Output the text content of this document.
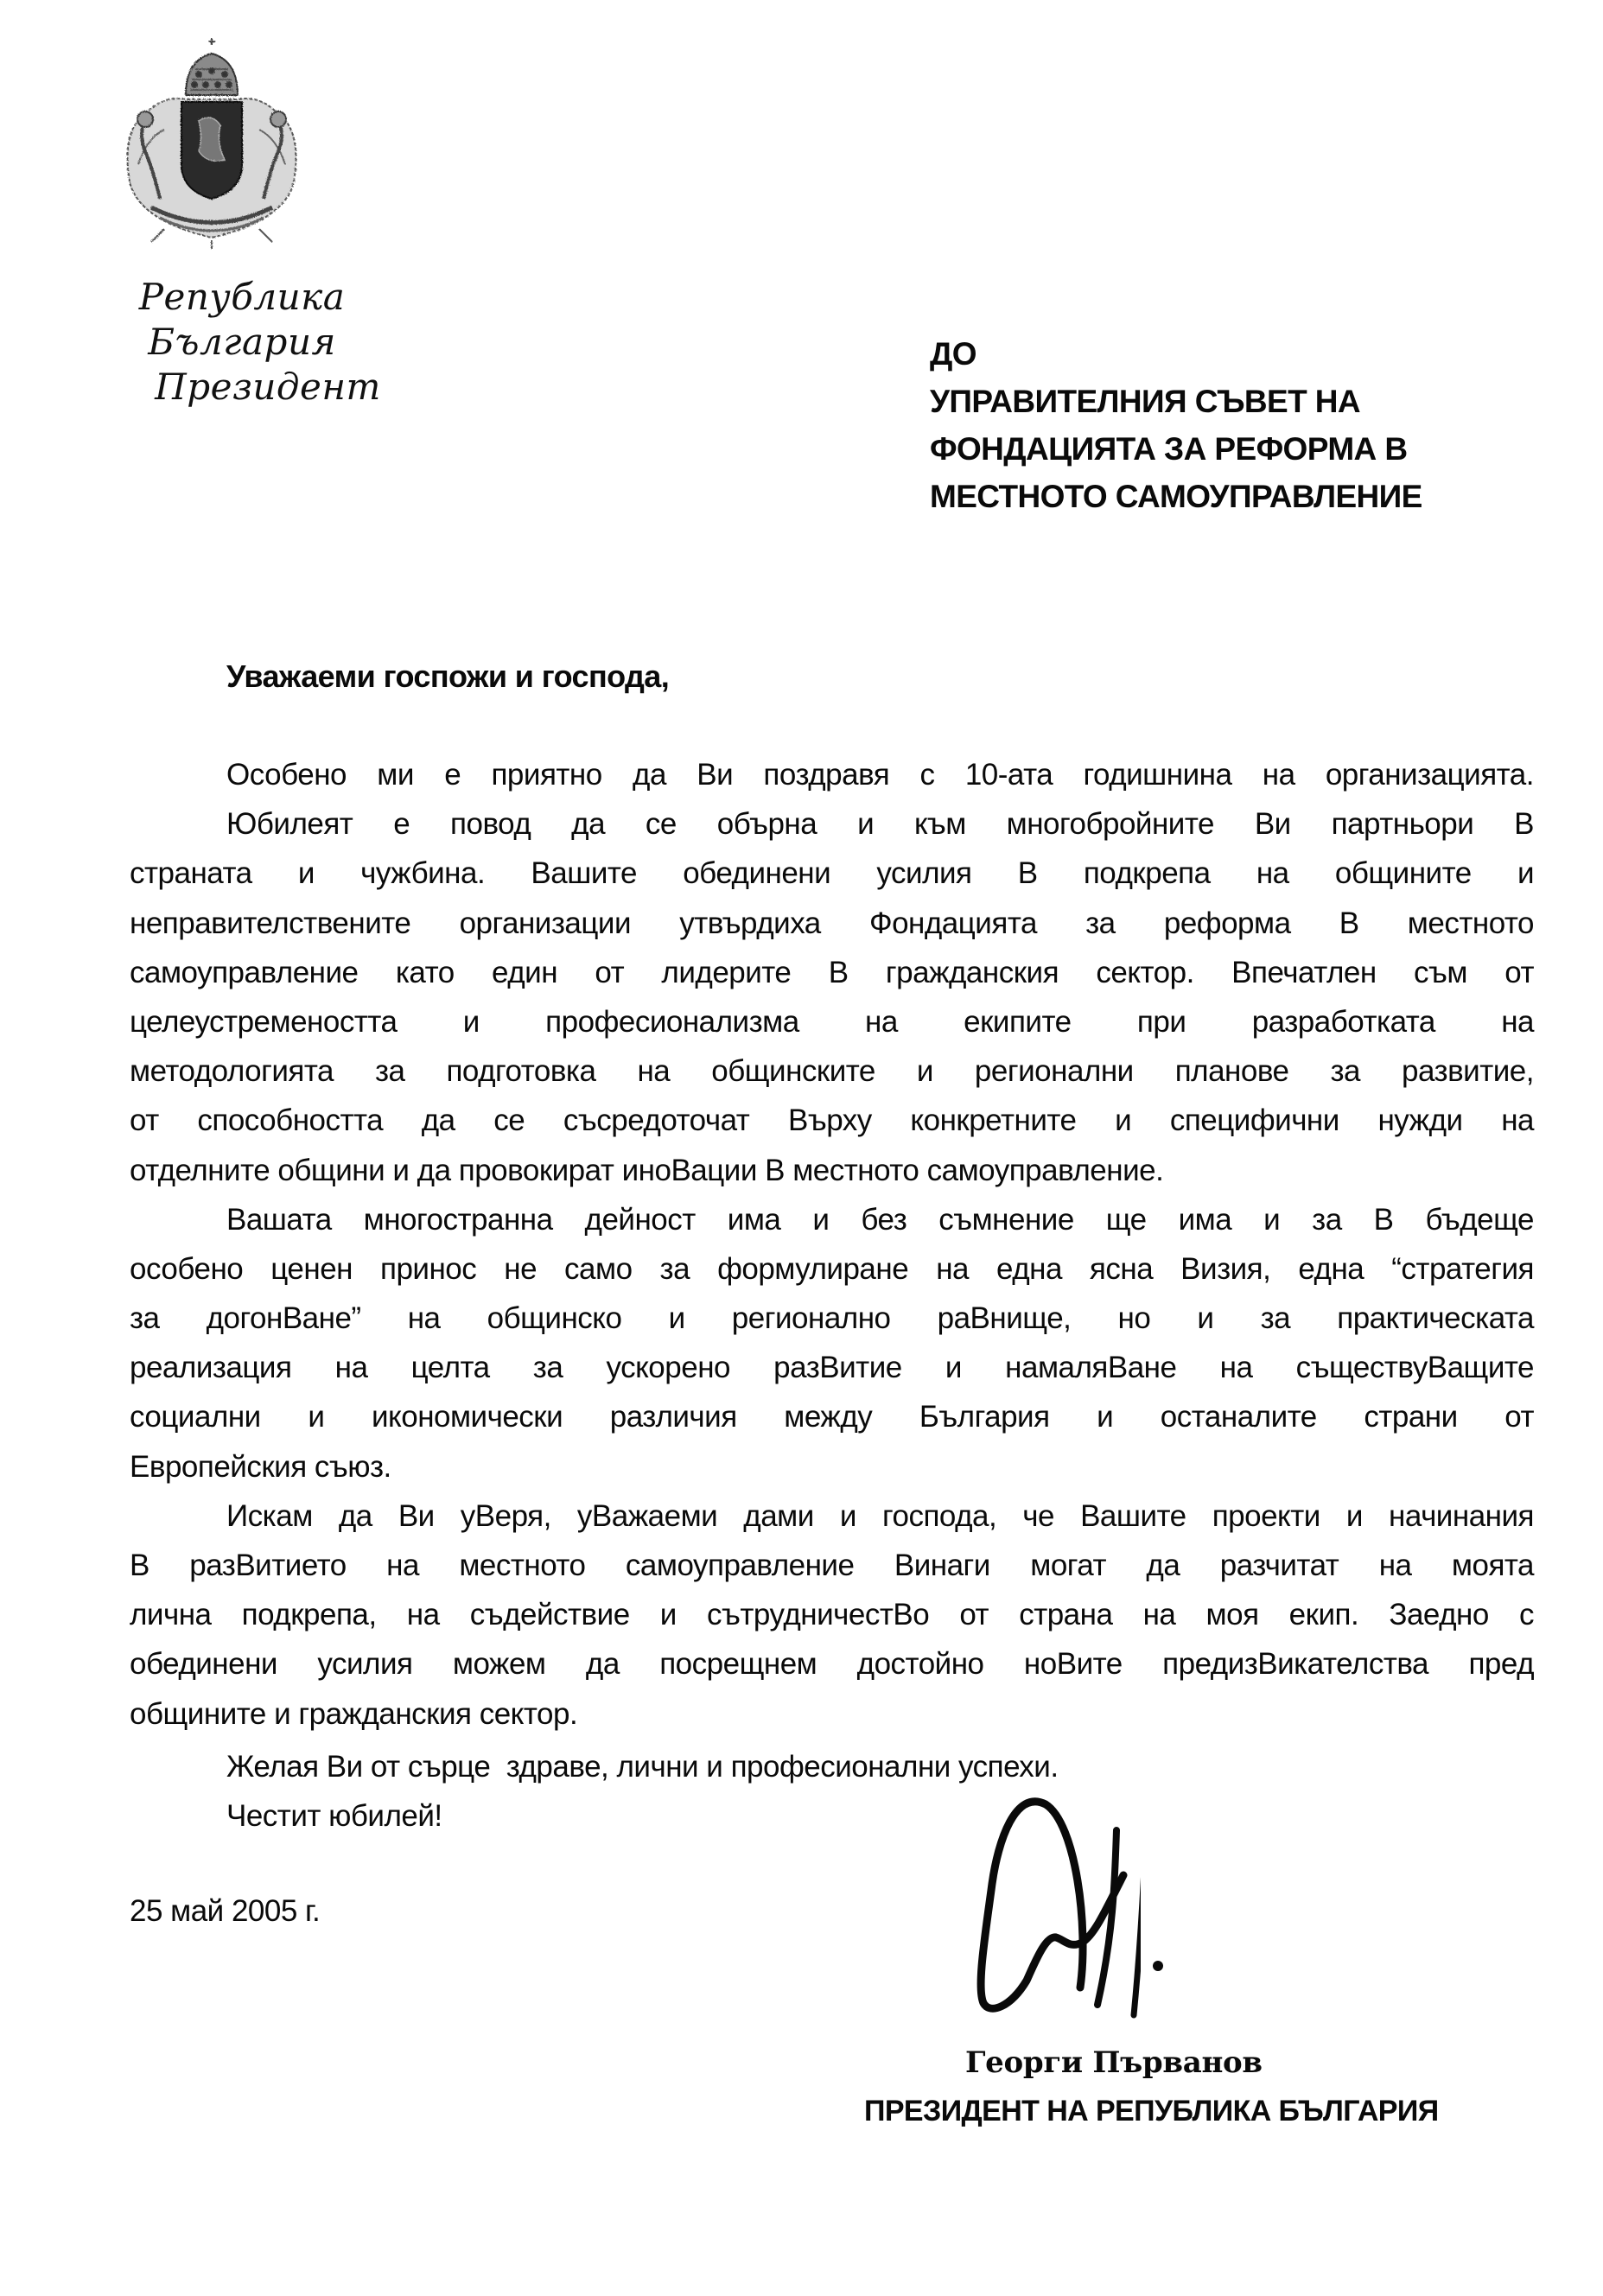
Република България
Президент
ДО
УПРАВИТЕЛНИЯ СЪВЕТ НА
ФОНДАЦИЯТА ЗА РЕФОРМА В
МЕСТНОТО САМОУПРАВЛЕНИЕ
Уважаеми госпожи и господа,
Особено ми е приятно да Ви поздравя с 10-ата годишнина на организацията.
Юбилеят е повод да се обърна и към многобройните Ви партньори В
страната и чужбина. Вашите обединени усилия В подкрепа на общините и
неправителствените организации утвърдиха Фондацията за реформа В местното
самоуправление като един от лидерите В гражданския сектор. Впечатлен съм от
целеустремеността и професионализма на екипите при разработката на
методологията за подготовка на общинските и регионални планове за развитие,
от способността да се съсредоточат Върху конкретните и специфични нужди на
отделните общини и да провокират иноВации В местното самоуправление.
Вашата многостранна дейност има и без съмнение ще има и за В бъдеще
особено ценен принос не само за формулиране на една ясна Визия, една “стратегия
за догонВане” на общинско и регионално раВнище, но и за практическата
реализация на целта за ускорено разВитие и намаляВане на съществуВащите
социални и икономически различия между България и останалите страни от
Европейския съюз.
Искам да Ви уВеря, уВажаеми дами и господа, че Вашите проекти и начинания
В разВитието на местното самоуправление Винаги могат да разчитат на моята
лична подкрепа, на съдействие и сътрудничестВо от страна на моя екип. Заедно с
обединени усилия можем да посрещнем достойно ноВите предизВикателства пред
общините и гражданския сектор.
Желая Ви от сърце  здраве, лични и професионални успехи.
Честит юбилей!
25 май 2005 г.
Георги Първанов
ПРЕЗИДЕНТ НА РЕПУБЛИКА БЪЛГАРИЯ
